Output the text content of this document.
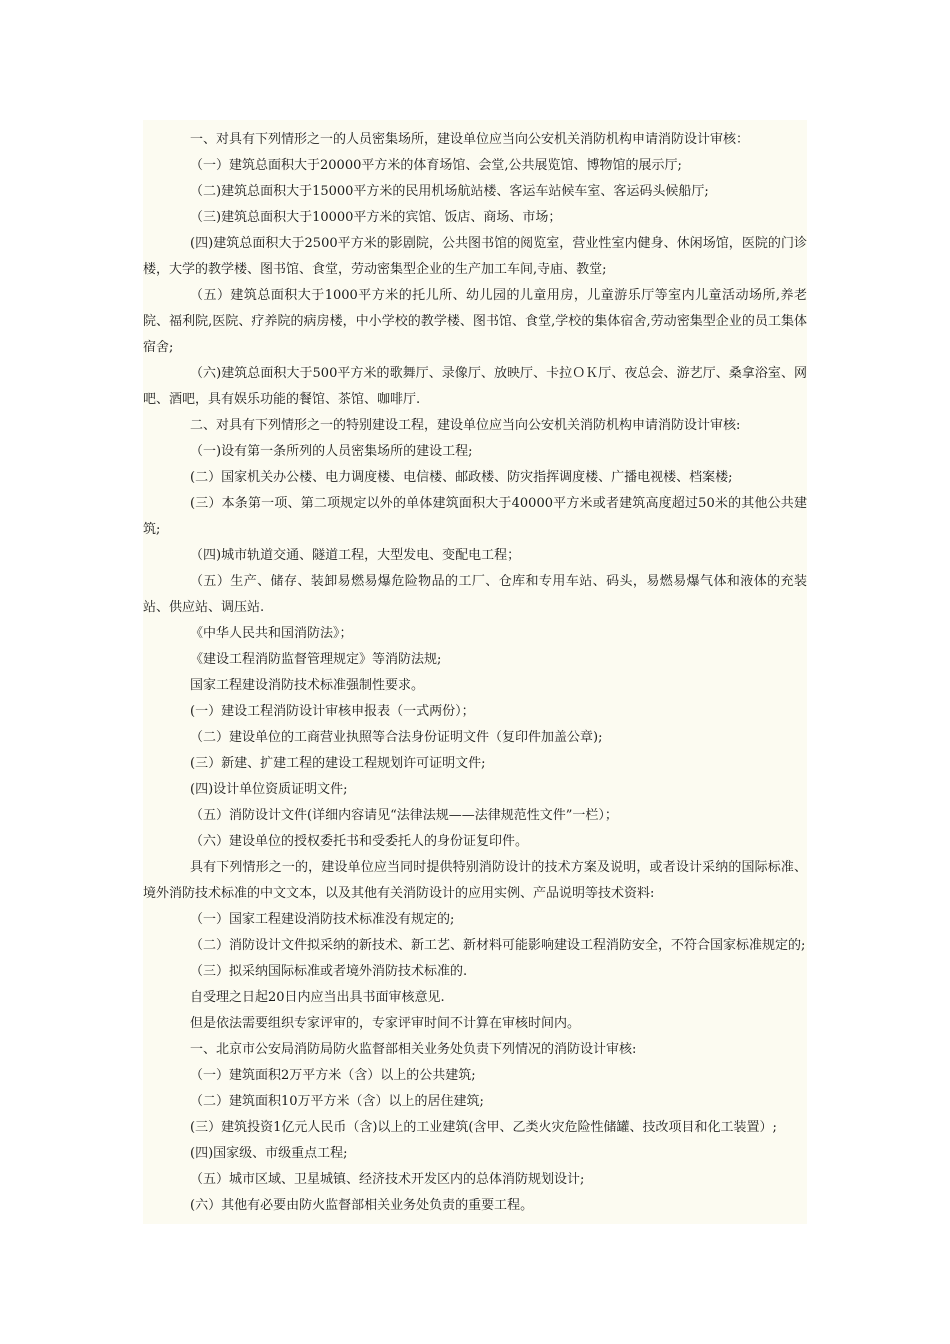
一、对具有下列情形之一的人员密集场所，建设单位应当向公安机关消防机构申请消防设计审核：

（一）建筑总面积大于20000平方米的体育场馆、会堂,公共展览馆、博物馆的展示厅;

（二)建筑总面积大于15000平方米的民用机场航站楼、客运车站候车室、客运码头候船厅;

（三)建筑总面积大于10000平方米的宾馆、饭店、商场、市场；

(四)建筑总面积大于2500平方米的影剧院，公共图书馆的阅览室，营业性室内健身、休闲场馆，医院的门诊楼，大学的教学楼、图书馆、食堂，劳动密集型企业的生产加工车间,寺庙、教堂;

（五）建筑总面积大于1000平方米的托儿所、幼儿园的儿童用房，儿童游乐厅等室内儿童活动场所,养老院、福利院,医院、疗养院的病房楼，中小学校的教学楼、图书馆、食堂,学校的集体宿舍,劳动密集型企业的员工集体宿舍;

（六)建筑总面积大于500平方米的歌舞厅、录像厅、放映厅、卡拉ＯＫ厅、夜总会、游艺厅、桑拿浴室、网吧、酒吧，具有娱乐功能的餐馆、茶馆、咖啡厅.

二、对具有下列情形之一的特别建设工程，建设单位应当向公安机关消防机构申请消防设计审核:

（一)设有第一条所列的人员密集场所的建设工程;

(二）国家机关办公楼、电力调度楼、电信楼、邮政楼、防灾指挥调度楼、广播电视楼、档案楼;

(三）本条第一项、第二项规定以外的单体建筑面积大于40000平方米或者建筑高度超过50米的其他公共建筑;

（四)城市轨道交通、隧道工程，大型发电、变配电工程；

（五）生产、储存、装卸易燃易爆危险物品的工厂、仓库和专用车站、码头，易燃易爆气体和液体的充装站、供应站、调压站.

《中华人民共和国消防法》；

《建设工程消防监督管理规定》等消防法规;

国家工程建设消防技术标准强制性要求。

(一）建设工程消防设计审核申报表（一式两份）；

（二）建设单位的工商营业执照等合法身份证明文件（复印件加盖公章);

(三）新建、扩建工程的建设工程规划许可证明文件;

(四)设计单位资质证明文件;

（五）消防设计文件(详细内容请见“法律法规——法律规范性文件”一栏）；

（六）建设单位的授权委托书和受委托人的身份证复印件。

具有下列情形之一的，建设单位应当同时提供特别消防设计的技术方案及说明，或者设计采纳的国际标准、境外消防技术标准的中文文本，以及其他有关消防设计的应用实例、产品说明等技术资料:

（一）国家工程建设消防技术标准没有规定的;

（二）消防设计文件拟采纳的新技术、新工艺、新材料可能影响建设工程消防安全，不符合国家标准规定的;

（三）拟采纳国际标准或者境外消防技术标准的.

自受理之日起20日内应当出具书面审核意见.

但是依法需要组织专家评审的，专家评审时间不计算在审核时间内。

一、北京市公安局消防局防火监督部相关业务处负责下列情况的消防设计审核:

（一）建筑面积2万平方米（含）以上的公共建筑;

（二）建筑面积10万平方米（含）以上的居住建筑;

(三）建筑投资1亿元人民币（含)以上的工业建筑(含甲、乙类火灾危险性储罐、技改项目和化工装置）;

(四)国家级、市级重点工程;

（五）城市区域、卫星城镇、经济技术开发区内的总体消防规划设计;

(六）其他有必要由防火监督部相关业务处负责的重要工程。
